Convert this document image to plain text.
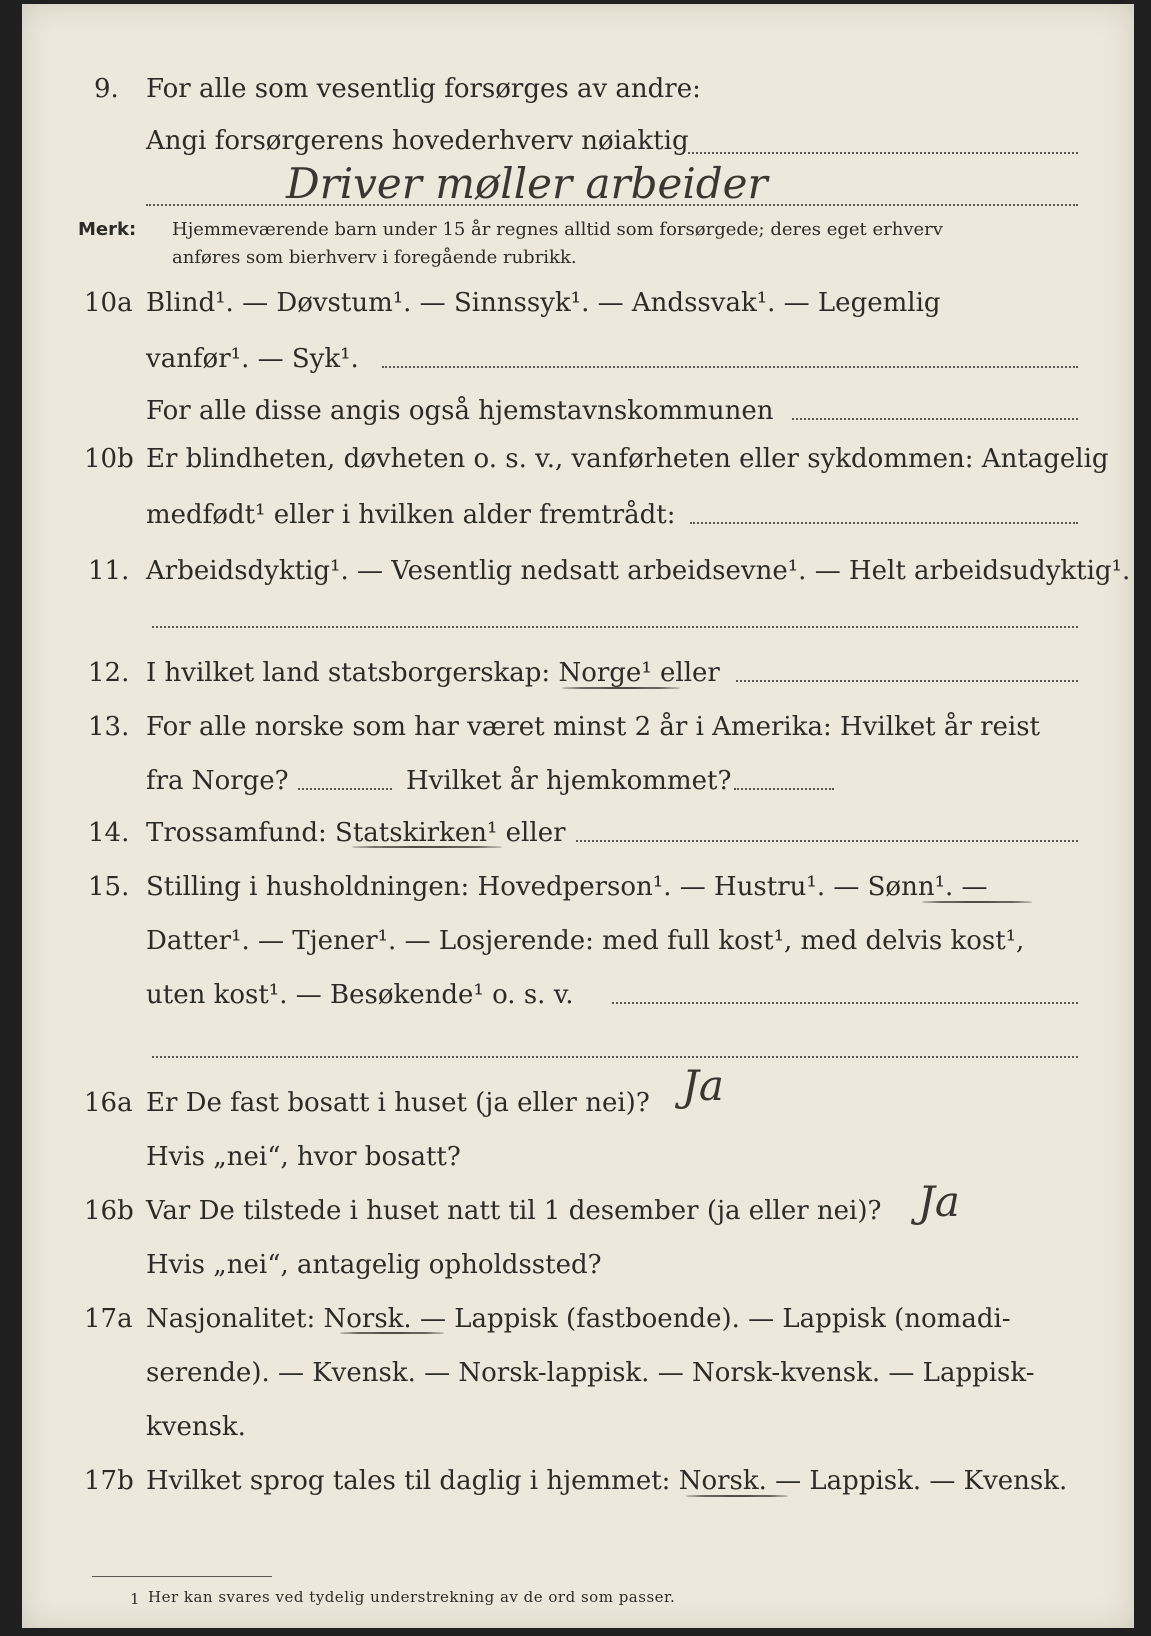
9. For alle som vesentlig forsørges av andre:
Angi forsørgerens hovederhverv nøiaktig
Driver møller arbeider
Merk: Hjemmeværende barn under 15 år regnes alltid som forsørgede; deres eget erhverv
anføres som bierhverv i foregående rubrikk.
10a Blind¹. — Døvstum¹. — Sinnssyk¹. — Andssvak¹. — Legemlig
vanfør¹. — Syk¹.
For alle disse angis også hjemstavnskommunen
10b Er blindheten, døvheten o. s. v., vanførheten eller sykdommen: Antagelig
medfødt¹ eller i hvilken alder fremtrådt:
11. Arbeidsdyktig¹. — Vesentlig nedsatt arbeidsevne¹. — Helt arbeidsudyktig¹.
12. I hvilket land statsborgerskap: Norge¹ eller
13. For alle norske som har været minst 2 år i Amerika: Hvilket år reist
fra Norge?	Hvilket år hjemkommet?
14. Trossamfund: Statskirken¹ eller
15. Stilling i husholdningen: Hovedperson¹. — Hustru¹. — Sønn¹. —
Datter¹. — Tjener¹. — Losjerende: med full kost¹, med delvis kost¹,
uten kost¹. — Besøkende¹ o. s. v.
16a Er De fast bosatt i huset (ja eller nei)? Ja
Hvis „nei“, hvor bosatt?
16b Var De tilstede i huset natt til 1 desember (ja eller nei)? Ja
Hvis „nei“, antagelig opholdssted?
17a Nasjonalitet: Norsk. — Lappisk (fastboende). — Lappisk (nomadi-
serende). — Kvensk. — Norsk-lappisk. — Norsk-kvensk. — Lappisk-
kvensk.
17b Hvilket sprog tales til daglig i hjemmet: Norsk. — Lappisk. — Kvensk.
1 Her kan svares ved tydelig understrekning av de ord som passer.
